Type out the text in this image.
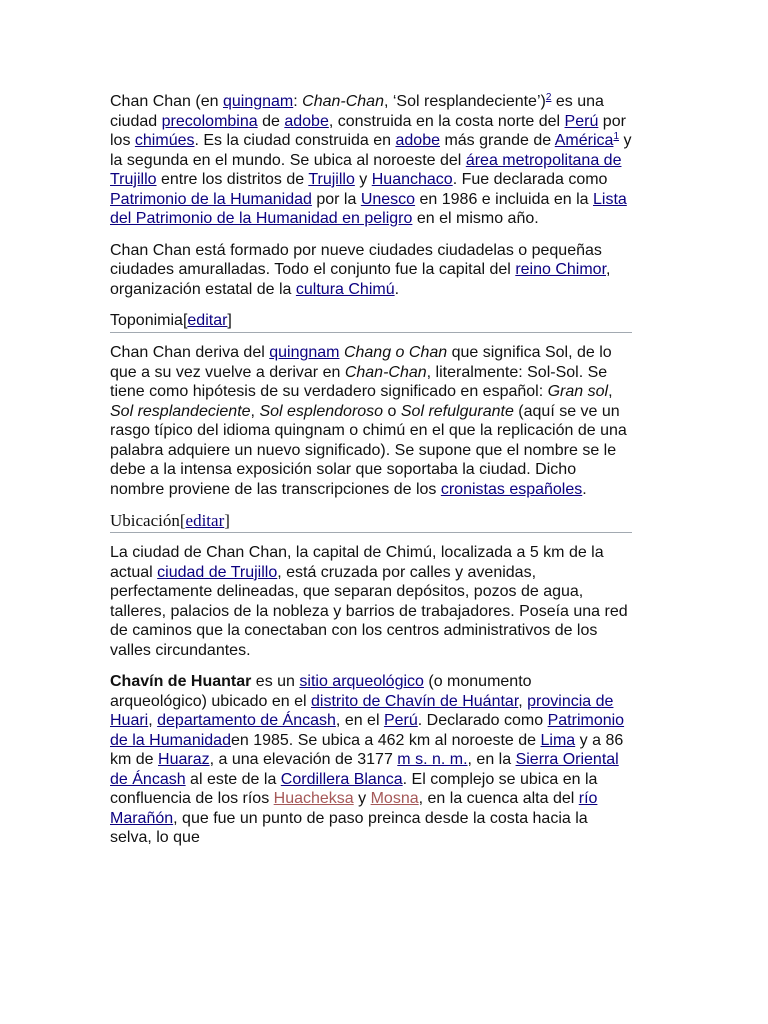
Chan Chan (en quingnam: Chan-Chan, ‘Sol resplandeciente’)$^2$ es una ciudad precolombina de adobe, construida en la costa norte del Perú por los chimúes. Es la ciudad construida en adobe más grande de América$^1$ y la segunda en el mundo. Se ubica al noroeste del área metropolitana de Trujillo entre los distritos de Trujillo y Huanchaco. Fue declarada como Patrimonio de la Humanidad por la Unesco en 1986 e incluida en la Lista del Patrimonio de la Humanidad en peligro en el mismo año.

Chan Chan está formado por nueve ciudades ciudadelas o pequeñas ciudades amuralladas. Todo el conjunto fue la capital del reino Chimor, organización estatal de la cultura Chimú.

Toponimia[editar]

Chan Chan deriva del quingnam Chang o Chan que significa Sol, de lo que a su vez vuelve a derivar en Chan-Chan, literalmente: Sol-Sol. Se tiene como hipótesis de su verdadero significado en español: Gran sol, Sol resplandeciente, Sol esplendoroso o Sol refulgurante (aquí se ve un rasgo típico del idioma quingnam o chimú en el que la replicación de una palabra adquiere un nuevo significado). Se supone que el nombre se le debe a la intensa exposición solar que soportaba la ciudad. Dicho nombre proviene de las transcripciones de los cronistas españoles.

Ubicación[editar]

La ciudad de Chan Chan, la capital de Chimú, localizada a 5 km de la actual ciudad de Trujillo, está cruzada por calles y avenidas, perfectamente delineadas, que separan depósitos, pozos de agua, talleres, palacios de la nobleza y barrios de trabajadores. Poseía una red de caminos que la conectaban con los centros administrativos de los valles circundantes.

Chavín de Huantar es un sitio arqueológico (o monumento arqueológico) ubicado en el distrito de Chavín de Huántar, provincia de Huari, departamento de Áncash, en el Perú. Declarado como Patrimonio de la Humanidaden 1985. Se ubica a 462 km al noroeste de Lima y a 86 km de Huaraz, a una elevación de 3177 m s. n. m., en la Sierra Oriental de Áncash al este de la Cordillera Blanca. El complejo se ubica en la confluencia de los ríos Huacheksa y Mosna, en la cuenca alta del río Marañón, que fue un punto de paso preinca desde la costa hacia la selva, lo que
